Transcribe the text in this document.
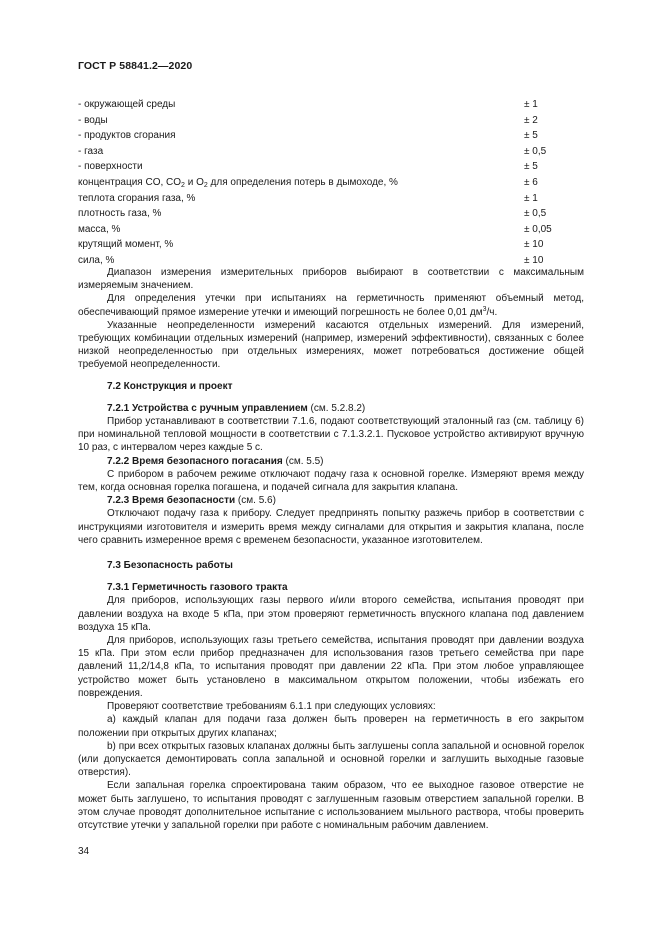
ГОСТ Р 58841.2—2020
- окружающей среды	± 1
- воды	± 2
- продуктов сгорания	± 5
- газа	± 0,5
- поверхности	± 5
концентрация CO, $CO_2$ и $O_2$ для определения потерь в дымоходе, %	± 6
теплота сгорания газа, %	± 1
плотность газа, %	± 0,5
масса, %	± 0,05
крутящий момент, %	± 10
сила, %	± 10

Диапазон измерения измерительных приборов выбирают в соответствии с максимальным измеряемым значением.

Для определения утечки при испытаниях на герметичность применяют объемный метод, обеспечивающий прямое измерение утечки и имеющий погрешность не более 0,01 $дм^3/ч$.

Указанные неопределенности измерений касаются отдельных измерений. Для измерений, требующих комбинации отдельных измерений (например, измерений эффективности), связанных с более низкой неопределенностью при отдельных измерениях, может потребоваться достижение общей требуемой неопределенности.

7.2 Конструкция и проект

7.2.1 Устройства с ручным управлением (см. 5.2.8.2)

Прибор устанавливают в соответствии 7.1.6, подают соответствующий эталонный газ (см. таблицу 6) при номинальной тепловой мощности в соответствии с 7.1.3.2.1. Пусковое устройство активируют вручную 10 раз, с интервалом через каждые 5 с.

7.2.2 Время безопасного погасания (см. 5.5)

С прибором в рабочем режиме отключают подачу газа к основной горелке. Измеряют время между тем, когда основная горелка погашена, и подачей сигнала для закрытия клапана.

7.2.3 Время безопасности (см. 5.6)

Отключают подачу газа к прибору. Следует предпринять попытку разжечь прибор в соответствии с инструкциями изготовителя и измерить время между сигналами для открытия и закрытия клапана, после чего сравнить измеренное время с временем безопасности, указанное изготовителем.

7.3 Безопасность работы

7.3.1 Герметичность газового тракта

Для приборов, использующих газы первого и/или второго семейства, испытания проводят при давлении воздуха на входе 5 кПа, при этом проверяют герметичность впускного клапана под давлением воздуха 15 кПа.

Для приборов, использующих газы третьего семейства, испытания проводят при давлении воздуха 15 кПа. При этом если прибор предназначен для использования газов третьего семейства при паре давлений 11,2/14,8 кПа, то испытания проводят при давлении 22 кПа. При этом любое управляющее устройство может быть установлено в максимальном открытом положении, чтобы избежать его повреждения.

Проверяют соответствие требованиям 6.1.1 при следующих условиях:

а) каждый клапан для подачи газа должен быть проверен на герметичность в его закрытом положении при открытых других клапанах;

b) при всех открытых газовых клапанах должны быть заглушены сопла запальной и основной горелок (или допускается демонтировать сопла запальной и основной горелки и заглушить выходные газовые отверстия).

Если запальная горелка спроектирована таким образом, что ее выходное газовое отверстие не может быть заглушено, то испытания проводят с заглушенным газовым отверстием запальной горелки. В этом случае проводят дополнительное испытание с использованием мыльного раствора, чтобы проверить отсутствие утечки у запальной горелки при работе с номинальным рабочим давлением.

34
